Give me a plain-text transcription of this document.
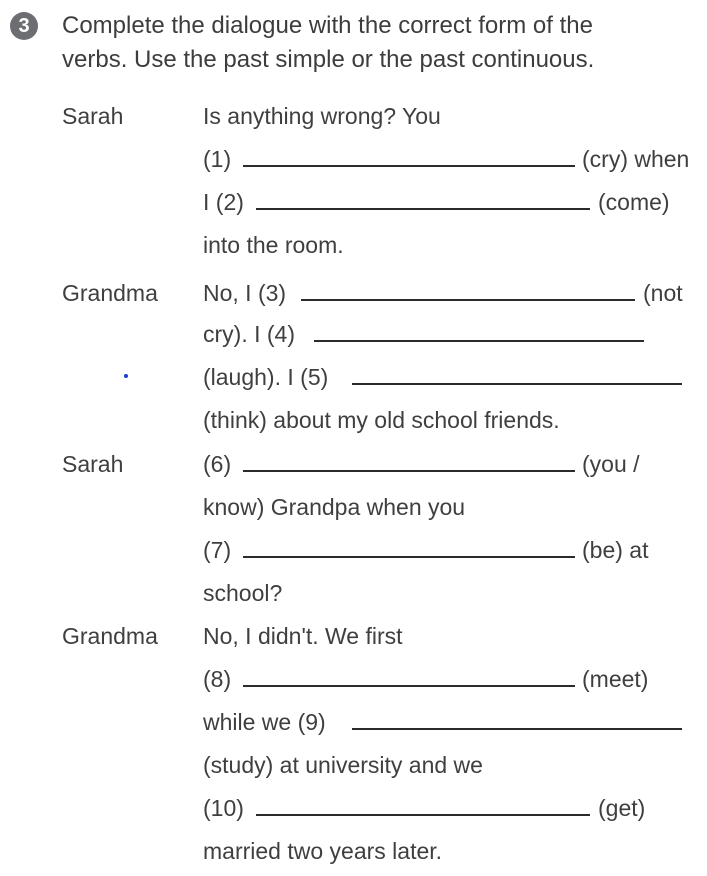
3	Complete the dialogue with the correct form of the
verbs. Use the past simple or the past continuous.
Sarah
Grandma
Sarah
Grandma
Is anything wrong? You
(1)	(cry) when
I (2)	(come)
into the room.
No, I (3)	(not
cry). I (4)
(laugh). I (5)
(think) about my old school friends.
(6)	(you /
know) Grandpa when you
(7)	(be) at
school?
No, I didn't. We first
(8)	(meet)
while we (9)
(study) at university and we
(10)	(get)
married two years later.
